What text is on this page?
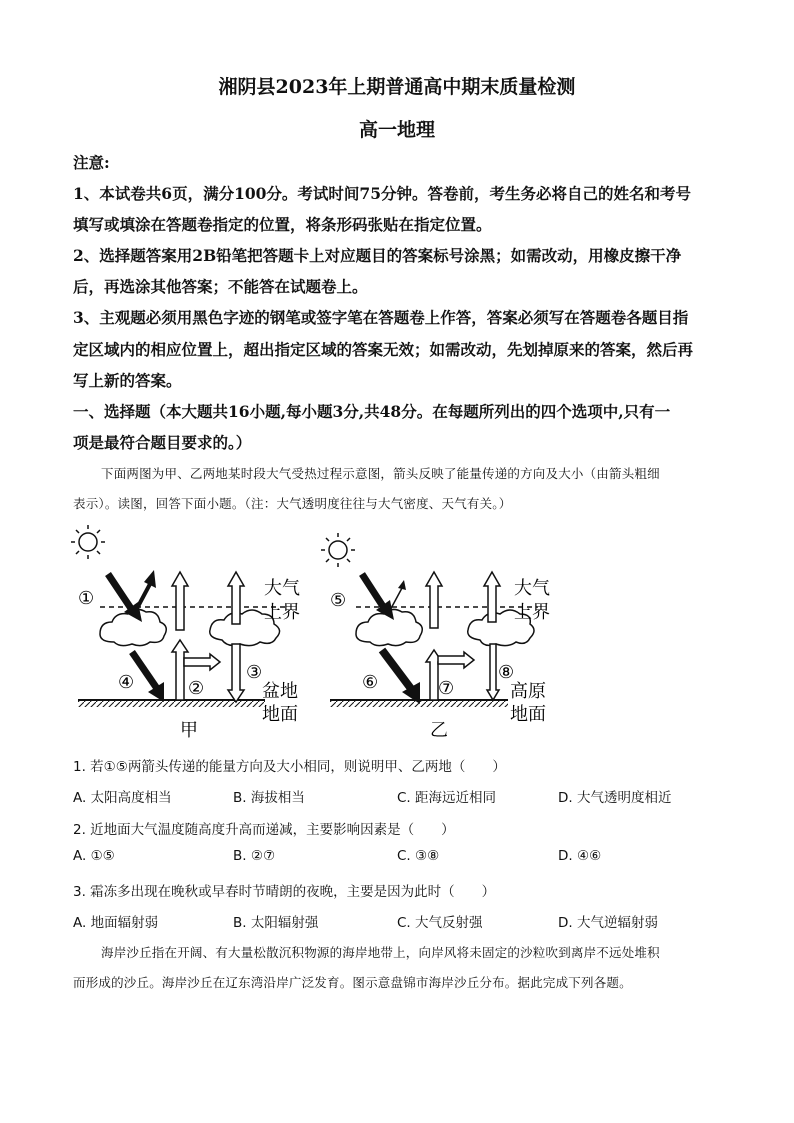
湘阴县2023年上期普通高中期末质量检测
高一地理
注意:
1、本试卷共6页，满分100分。考试时间75分钟。答卷前，考生务必将自己的姓名和考号
填写或填涂在答题卷指定的位置，将条形码张贴在指定位置。
2、选择题答案用2B铅笔把答题卡上对应题目的答案标号涂黑；如需改动，用橡皮擦干净
后，再选涂其他答案；不能答在试题卷上。
3、主观题必须用黑色字迹的钢笔或签字笔在答题卷上作答，答案必须写在答题卷各题目指
定区域内的相应位置上，超出指定区域的答案无效；如需改动，先划掉原来的答案，然后再
写上新的答案。
一、选择题（本大题共16小题,每小题3分,共48分。在每题所列出的四个选项中,只有一
项是最符合题目要求的。）
下面两图为甲、乙两地某时段大气受热过程示意图，箭头反映了能量传递的方向及大小（由箭头粗细
表示）。读图，回答下面小题。（注：大气透明度往往与大气密度、天气有关。）
①
④	②
③
大气
上界
盆地
地面
甲
⑤
⑥	⑦
⑧
大气
上界
高原
地面
乙
1. 若①⑤两箭头传递的能量方向及大小相同，则说明甲、乙两地（　　）
A. 太阳高度相当	B. 海拔相当	C. 距海远近相同	D. 大气透明度相近
2. 近地面大气温度随高度升高而递减，主要影响因素是（　　）
A. ①⑤	B. ②⑦	C. ③⑧	D. ④⑥
3. 霜冻多出现在晚秋或早春时节晴朗的夜晚，主要是因为此时（　　）
A. 地面辐射弱	B. 太阳辐射强	C. 大气反射强	D. 大气逆辐射弱
海岸沙丘指在开阔、有大量松散沉积物源的海岸地带上，向岸风将未固定的沙粒吹到离岸不远处堆积
而形成的沙丘。海岸沙丘在辽东湾沿岸广泛发育。图示意盘锦市海岸沙丘分布。据此完成下列各题。
